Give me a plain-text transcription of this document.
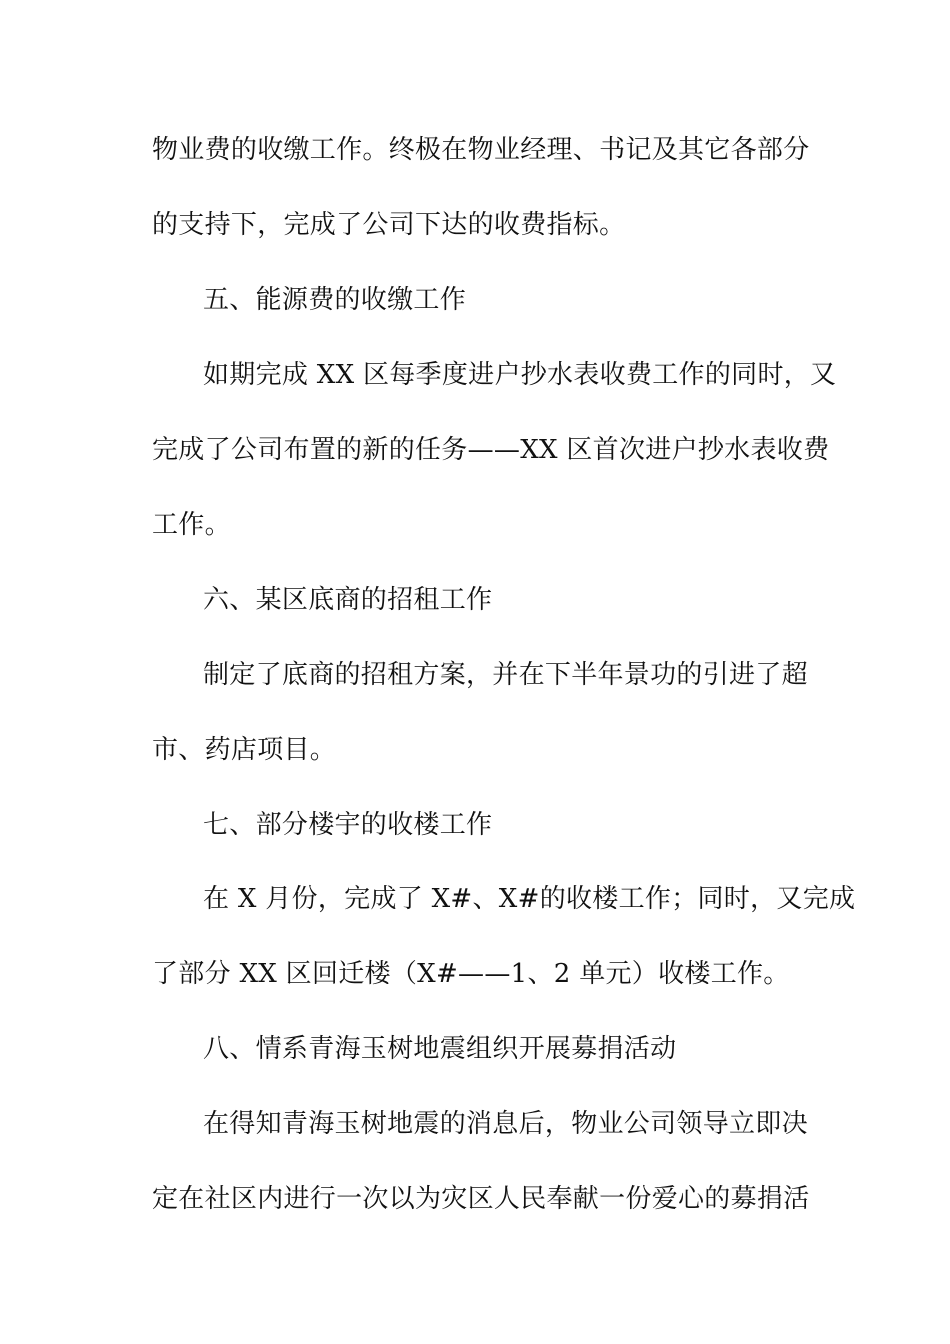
物业费的收缴工作。终极在物业经理、书记及其它各部分
的支持下，完成了公司下达的收费指标。
五、能源费的收缴工作
如期完成 XX 区每季度进户抄水表收费工作的同时，又
完成了公司布置的新的任务——XX 区首次进户抄水表收费
工作。
六、某区底商的招租工作
制定了底商的招租方案，并在下半年景功的引进了超
市、药店项目。
七、部分楼宇的收楼工作
在 X 月份，完成了 X#、X#的收楼工作；同时，又完成
了部分 XX 区回迁楼（X#——1、2 单元）收楼工作。
八、情系青海玉树地震组织开展募捐活动
在得知青海玉树地震的消息后，物业公司领导立即决
定在社区内进行一次以为灾区人民奉献一份爱心的募捐活
